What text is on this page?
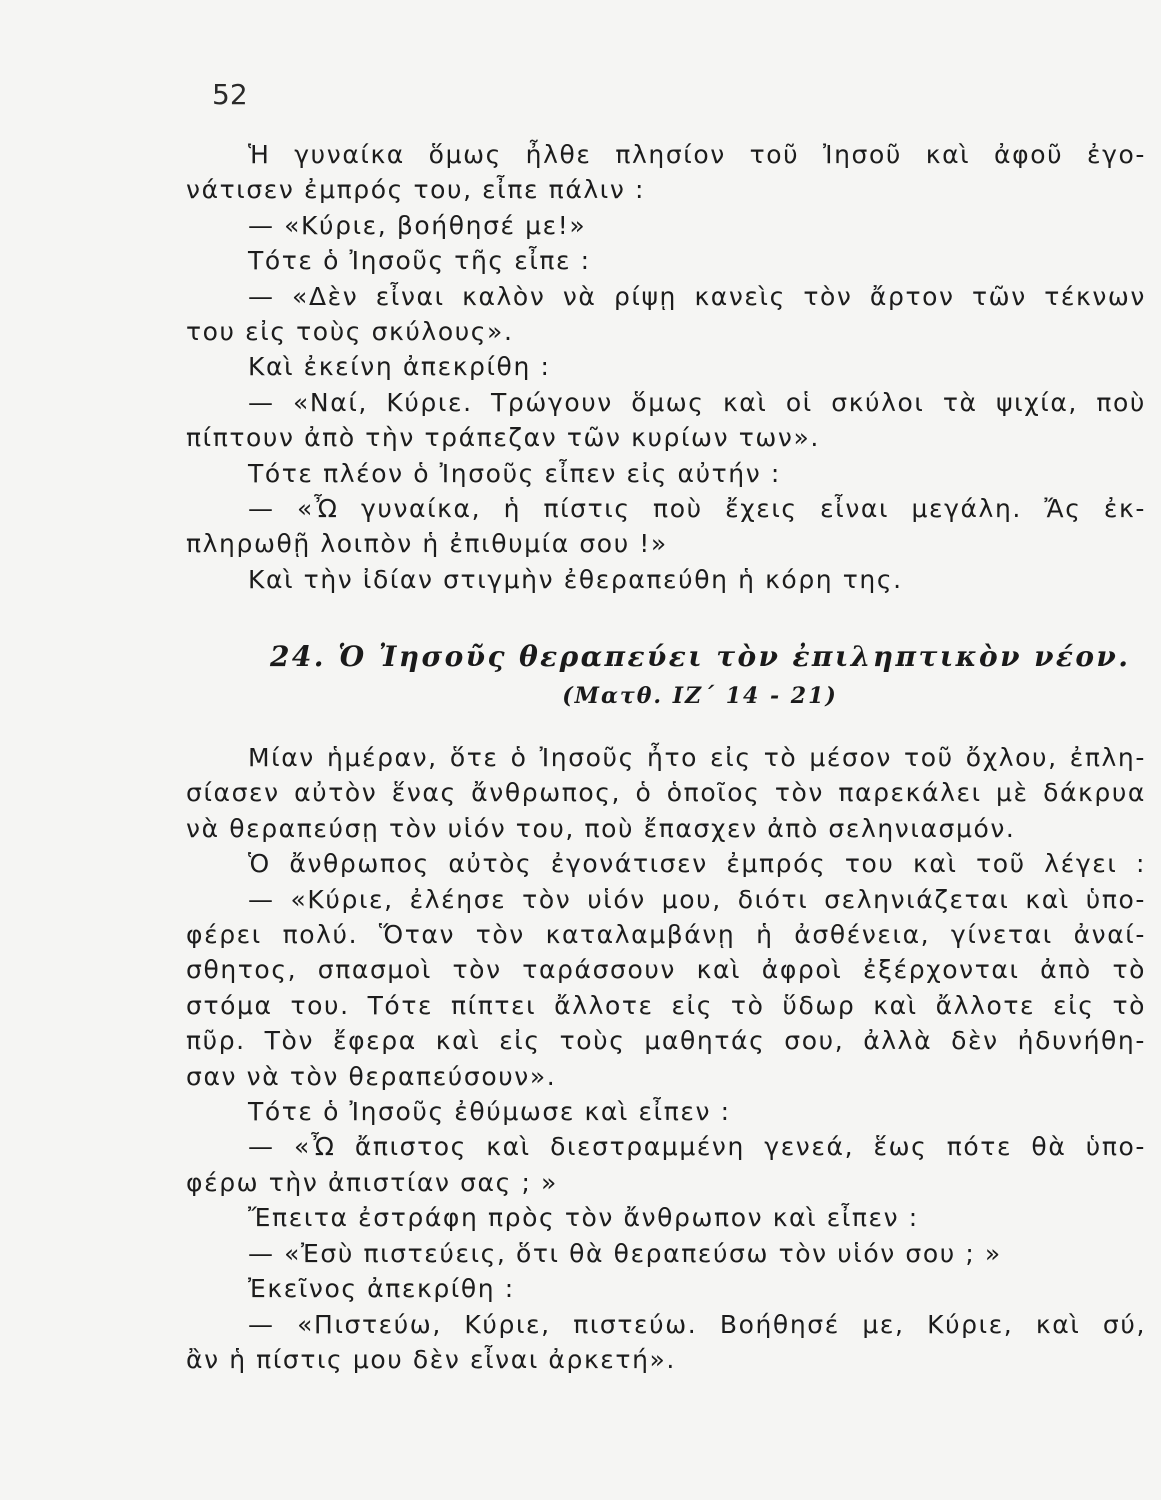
52
Ἡ γυναίκα ὅμως ἦλθε πλησίον τοῦ Ἰησοῦ καὶ ἀφοῦ ἐγο-
νάτισεν ἐμπρός του, εἶπε πάλιν :
— «Κύριε, βοήθησέ με!»
Τότε ὁ Ἰησοῦς τῆς εἶπε :
— «Δὲν εἶναι καλὸν νὰ ρίψῃ κανεὶς τὸν ἄρτον τῶν τέκνων
του εἰς τοὺς σκύλους».
Καὶ ἐκείνη ἀπεκρίθη :
— «Ναί, Κύριε. Τρώγουν ὅμως καὶ οἱ σκύλοι τὰ ψιχία, ποὺ
πίπτουν ἀπὸ τὴν τράπεζαν τῶν κυρίων των».
Τότε πλέον ὁ Ἰησοῦς εἶπεν εἰς αὐτήν :
— «Ὦ γυναίκα, ἡ πίστις ποὺ ἔχεις εἶναι μεγάλη. Ἄς ἐκ-
πληρωθῇ λοιπὸν ἡ ἐπιθυμία σου !»
Καὶ τὴν ἰδίαν στιγμὴν ἐθεραπεύθη ἡ κόρη της.
24. Ὁ Ἰησοῦς θεραπεύει τὸν ἐπιληπτικὸν νέον.
(Ματθ. ΙΖ΄ 14 - 21)
Μίαν ἡμέραν, ὅτε ὁ Ἰησοῦς ἦτο εἰς τὸ μέσον τοῦ ὄχλου, ἐπλη-
σίασεν αὐτὸν ἕνας ἄνθρωπος, ὁ ὁποῖος τὸν παρεκάλει μὲ δάκρυα
νὰ θεραπεύσῃ τὸν υἱόν του, ποὺ ἔπασχεν ἀπὸ σεληνιασμόν.
Ὁ ἄνθρωπος αὐτὸς ἐγονάτισεν ἐμπρός του καὶ τοῦ λέγει :
— «Κύριε, ἐλέησε τὸν υἱόν μου, διότι σεληνιάζεται καὶ ὑπο-
φέρει πολύ. Ὅταν τὸν καταλαμβάνῃ ἡ ἀσθένεια, γίνεται ἀναί-
σθητος, σπασμοὶ τὸν ταράσσουν καὶ ἀφροὶ ἐξέρχονται ἀπὸ τὸ
στόμα του. Τότε πίπτει ἄλλοτε εἰς τὸ ὕδωρ καὶ ἄλλοτε εἰς τὸ
πῦρ. Τὸν ἔφερα καὶ εἰς τοὺς μαθητάς σου, ἀλλὰ δὲν ἠδυνήθη-
σαν νὰ τὸν θεραπεύσουν».
Τότε ὁ Ἰησοῦς ἐθύμωσε καὶ εἶπεν :
— «Ὦ ἄπιστος καὶ διεστραμμένη γενεά, ἕως πότε θὰ ὑπο-
φέρω τὴν ἀπιστίαν σας ; »
Ἔπειτα ἐστράφη πρὸς τὸν ἄνθρωπον καὶ εἶπεν :
— «Ἐσὺ πιστεύεις, ὅτι θὰ θεραπεύσω τὸν υἱόν σου ; »
Ἐκεῖνος ἀπεκρίθη :
— «Πιστεύω, Κύριε, πιστεύω. Βοήθησέ με, Κύριε, καὶ σύ,
ἂν ἡ πίστις μου δὲν εἶναι ἀρκετή».
